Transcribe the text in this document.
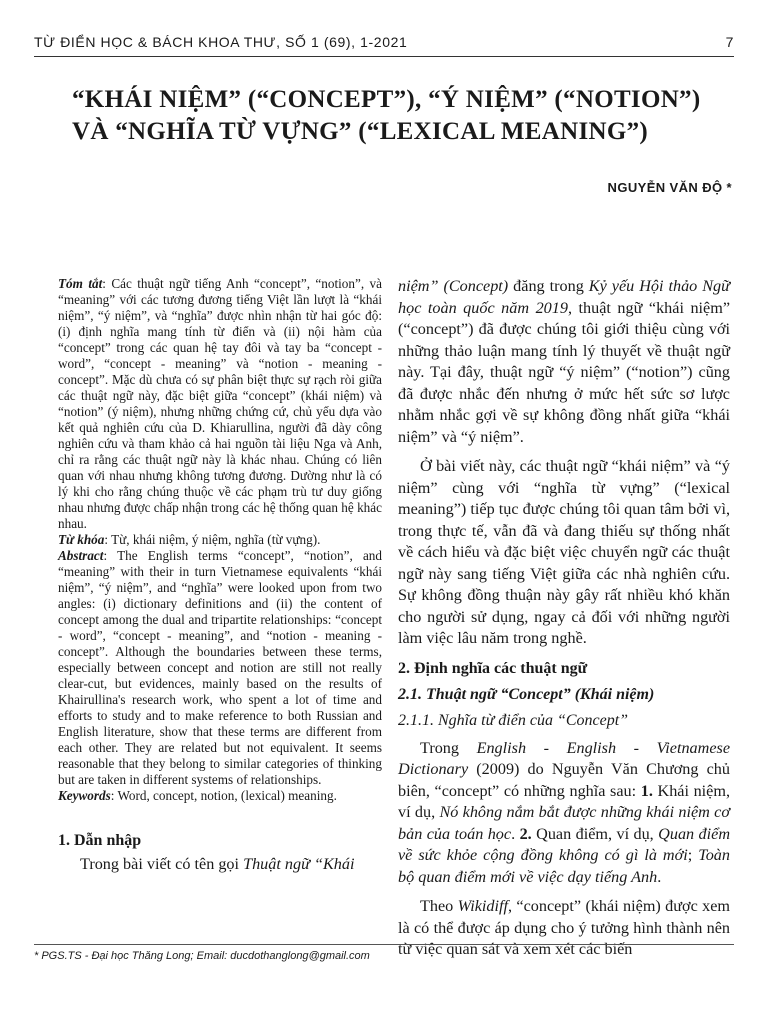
TỪ ĐIỂN HỌC & BÁCH KHOA THƯ, SỐ 1 (69), 1-2021	7
“KHÁI NIỆM” (“CONCEPT”), “Ý NIỆM” (“NOTION”)
VÀ “NGHĨA TỪ VỰNG” (“LEXICAL MEANING”)
NGUYỄN VĂN ĐỘ *

Tóm tắt: Các thuật ngữ tiếng Anh “concept”, “notion”, và “meaning” với các tương đương tiếng Việt lần lượt là “khái niệm”, “ý niệm”, và “nghĩa” được nhìn nhận từ hai góc độ: (i) định nghĩa mang tính từ điển và (ii) nội hàm của “concept” trong các quan hệ tay đôi và tay ba “concept - word”, “concept - meaning” và “notion - meaning - concept”. Mặc dù chưa có sự phân biệt thực sự rạch ròi giữa các thuật ngữ này, đặc biệt giữa “concept” (khái niệm) và “notion” (ý niệm), nhưng những chứng cứ, chủ yếu dựa vào kết quả nghiên cứu của D. Khiarullina, người đã dày công nghiên cứu và tham khảo cả hai nguồn tài liệu Nga và Anh, chỉ ra rằng các thuật ngữ này là khác nhau. Chúng có liên quan với nhau nhưng không tương đương. Dường như là có lý khi cho rằng chúng thuộc về các phạm trù tư duy giống nhau nhưng được chấp nhận trong các hệ thống quan hệ khác nhau.

Từ khóa: Từ, khái niệm, ý niệm, nghĩa (từ vựng).

Abstract: The English terms “concept”, “notion”, and “meaning” with their in turn Vietnamese equivalents “khái niệm”, “ý niệm”, and “nghĩa” were looked upon from two angles: (i) dictionary definitions and (ii) the content of concept among the dual and tripartite relationships: “concept - word”, “concept - meaning”, and “notion - meaning - concept”. Although the boundaries between these terms, especially between concept and notion are still not really clear-cut, but evidences, mainly based on the results of Khairullina's research work, who spent a lot of time and efforts to study and to make reference to both Russian and English literature, show that these terms are different from each other. They are related but not equivalent. It seems reasonable that they belong to similar categories of thinking but are taken in different systems of relationships.

Keywords: Word, concept, notion, (lexical) meaning.

1. Dẫn nhập

Trong bài viết có tên gọi Thuật ngữ “Khái

niệm” (Concept) đăng trong Kỷ yếu Hội thảo Ngữ học toàn quốc năm 2019, thuật ngữ “khái niệm” (“concept”) đã được chúng tôi giới thiệu cùng với những thảo luận mang tính lý thuyết về thuật ngữ này. Tại đây, thuật ngữ “ý niệm” (“notion”) cũng đã được nhắc đến nhưng ở mức hết sức sơ lược nhằm nhắc gợi về sự không đồng nhất giữa “khái niệm” và “ý niệm”.

Ở bài viết này, các thuật ngữ “khái niệm” và “ý niệm” cùng với “nghĩa từ vựng” (“lexical meaning”) tiếp tục được chúng tôi quan tâm bởi vì, trong thực tế, vẫn đã và đang thiếu sự thống nhất về cách hiểu và đặc biệt việc chuyển ngữ các thuật ngữ này sang tiếng Việt giữa các nhà nghiên cứu. Sự không đồng thuận này gây rất nhiều khó khăn cho người sử dụng, ngay cả đối với những người làm việc lâu năm trong nghề.

2. Định nghĩa các thuật ngữ

2.1. Thuật ngữ “Concept” (Khái niệm)

2.1.1. Nghĩa từ điển của “Concept”

Trong English - English - Vietnamese Dictionary (2009) do Nguyễn Văn Chương chủ biên, “concept” có những nghĩa sau: 1. Khái niệm, ví dụ, Nó không nắm bắt được những khái niệm cơ bản của toán học. 2. Quan điểm, ví dụ, Quan điểm về sức khỏe cộng đồng không có gì là mới; Toàn bộ quan điểm mới về việc dạy tiếng Anh.

Theo Wikidiff, “concept” (khái niệm) được xem là có thể được áp dụng cho ý tưởng hình thành nên từ việc quan sát và xem xét các biến

* PGS.TS - Đại học Thăng Long; Email: ducdothanglong@gmail.com
